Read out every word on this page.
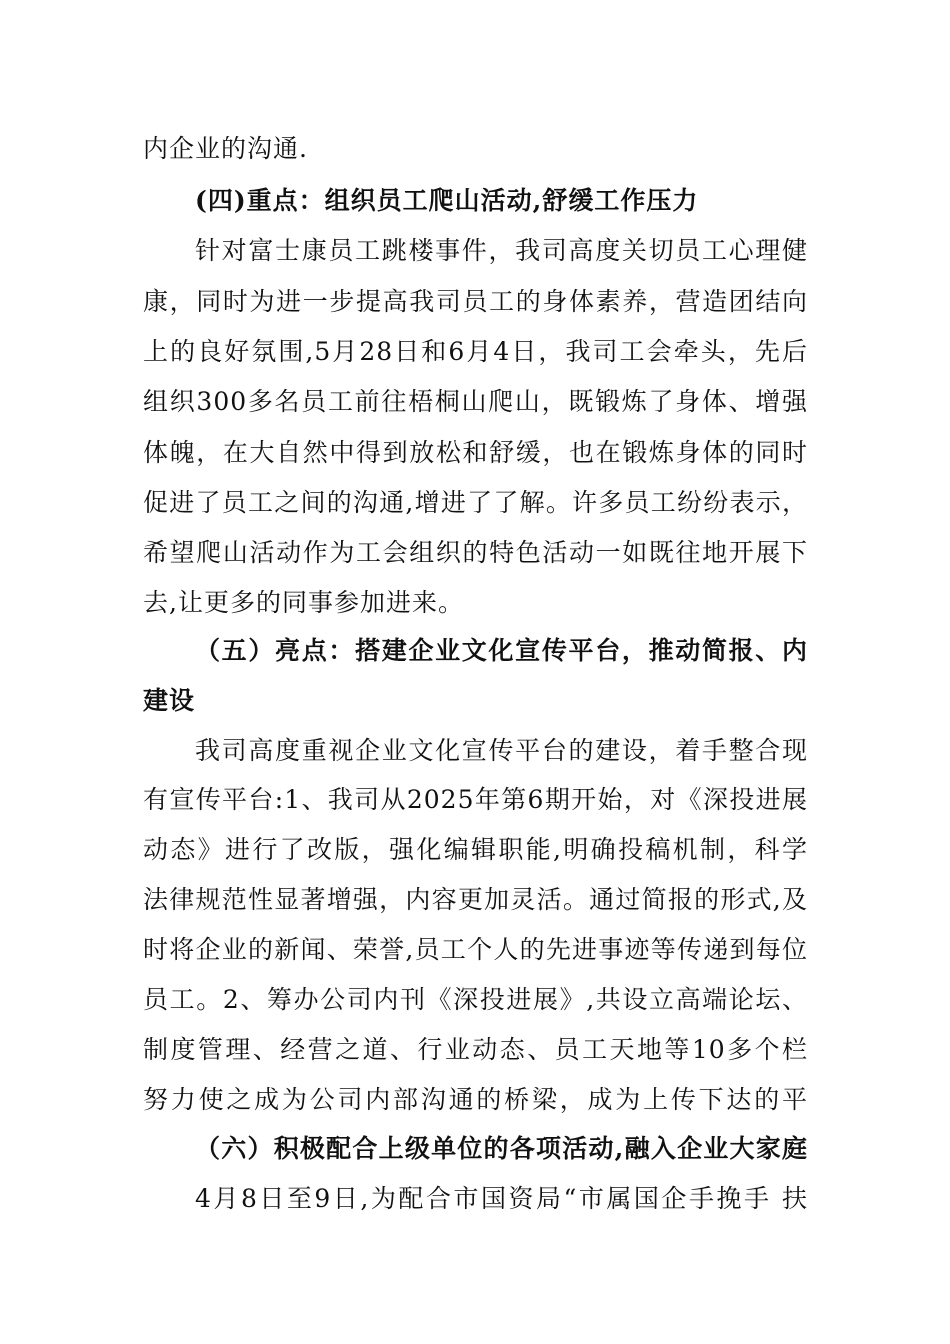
内企业的沟通.
(四)重点：组织员工爬山活动,舒缓工作压力
针对富士康员工跳楼事件，我司高度关切员工心理健
康，同时为进一步提高我司员工的身体素养，营造团结向
上的良好氛围,5月28日和6月4日，我司工会牵头，先后
组织300多名员工前往梧桐山爬山，既锻炼了身体、增强
体魄，在大自然中得到放松和舒缓，也在锻炼身体的同时
促进了员工之间的沟通,增进了了解。许多员工纷纷表示，
希望爬山活动作为工会组织的特色活动一如既往地开展下
去,让更多的同事参加进来。
（五）亮点：搭建企业文化宣传平台，推动简报、内
建设
我司高度重视企业文化宣传平台的建设，着手整合现
有宣传平台:1、我司从2025年第6期开始，对《深投进展
动态》进行了改版，强化编辑职能,明确投稿机制，科学
法律规范性显著增强，内容更加灵活。通过简报的形式,及
时将企业的新闻、荣誉,员工个人的先进事迹等传递到每位
员工。2、筹办公司内刊《深投进展》,共设立高端论坛、
制度管理、经营之道、行业动态、员工天地等10多个栏
努力使之成为公司内部沟通的桥梁，成为上传下达的平
（六）积极配合上级单位的各项活动,融入企业大家庭
4月8日至9日,为配合市国资局“市属国企手挽手 扶
